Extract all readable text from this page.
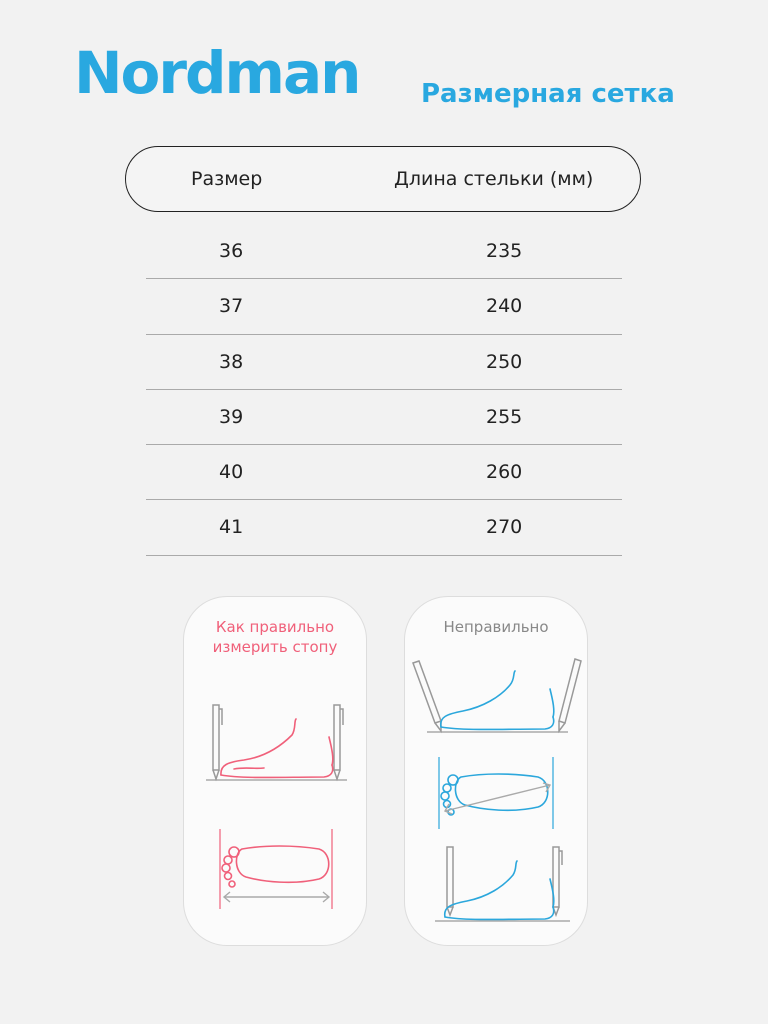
Nordman Размерная сетка
Размер	Длина стельки (мм)
36	235
37	240
38	250
39	255
40	260
41	270
Как правильно
измерить стопу
Неправильно
